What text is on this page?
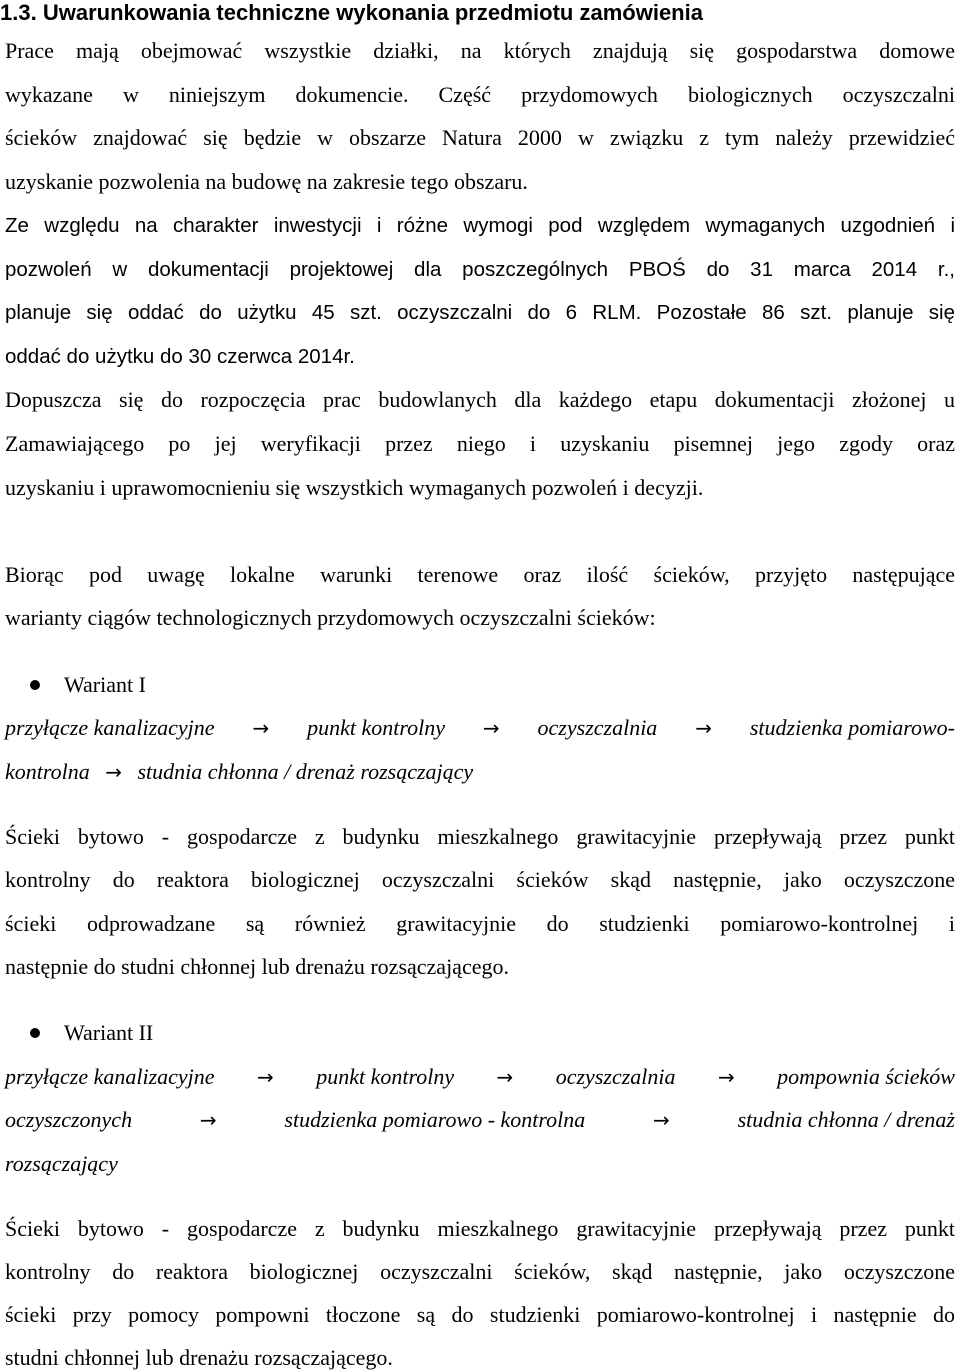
1.3. Uwarunkowania techniczne wykonania przedmiotu zamówienia
Prace mają obejmować wszystkie działki, na których znajdują się gospodarstwa domowe
wykazane w niniejszym dokumencie. Część przydomowych biologicznych oczyszczalni
ścieków znajdować się będzie w obszarze Natura 2000 w związku z tym należy przewidzieć
uzyskanie pozwolenia na budowę na zakresie tego obszaru.
Ze względu na charakter inwestycji i różne wymogi pod względem wymaganych uzgodnień i
pozwoleń w dokumentacji projektowej dla poszczególnych PBOŚ do 31 marca 2014 r.,
planuje się oddać do użytku 45 szt. oczyszczalni do 6 RLM. Pozostałe 86 szt. planuje się
oddać do użytku do 30 czerwca 2014r.
Dopuszcza się do rozpoczęcia prac budowlanych dla każdego etapu dokumentacji złożonej u
Zamawiającego po jej weryfikacji przez niego i uzyskaniu pisemnej jego zgody oraz
uzyskaniu i uprawomocnieniu się wszystkich wymaganych pozwoleń i decyzji.
Biorąc pod uwagę lokalne warunki terenowe oraz ilość ścieków, przyjęto następujące
warianty ciągów technologicznych przydomowych oczyszczalni ścieków:
Wariant I
przyłącze kanalizacyjne → punkt kontrolny → oczyszczalnia → studzienka pomiarowo-
kontrolna → studnia chłonna / drenaż rozsączający
Ścieki bytowo - gospodarcze z budynku mieszkalnego grawitacyjnie przepływają przez punkt
kontrolny do reaktora biologicznej oczyszczalni ścieków skąd następnie, jako oczyszczone
ścieki odprowadzane są również grawitacyjnie do studzienki pomiarowo-kontrolnej i
następnie do studni chłonnej lub drenażu rozsączającego.
Wariant II
przyłącze kanalizacyjne → punkt kontrolny → oczyszczalnia → pompownia ścieków
oczyszczonych	→	studzienka pomiarowo - kontrolna	→	studnia chłonna / drenaż
rozsączający
Ścieki bytowo - gospodarcze z budynku mieszkalnego grawitacyjnie przepływają przez punkt
kontrolny do reaktora biologicznej oczyszczalni ścieków, skąd następnie, jako oczyszczone
ścieki przy pomocy pompowni tłoczone są do studzienki pomiarowo-kontrolnej i następnie do
studni chłonnej lub drenażu rozsączającego.
